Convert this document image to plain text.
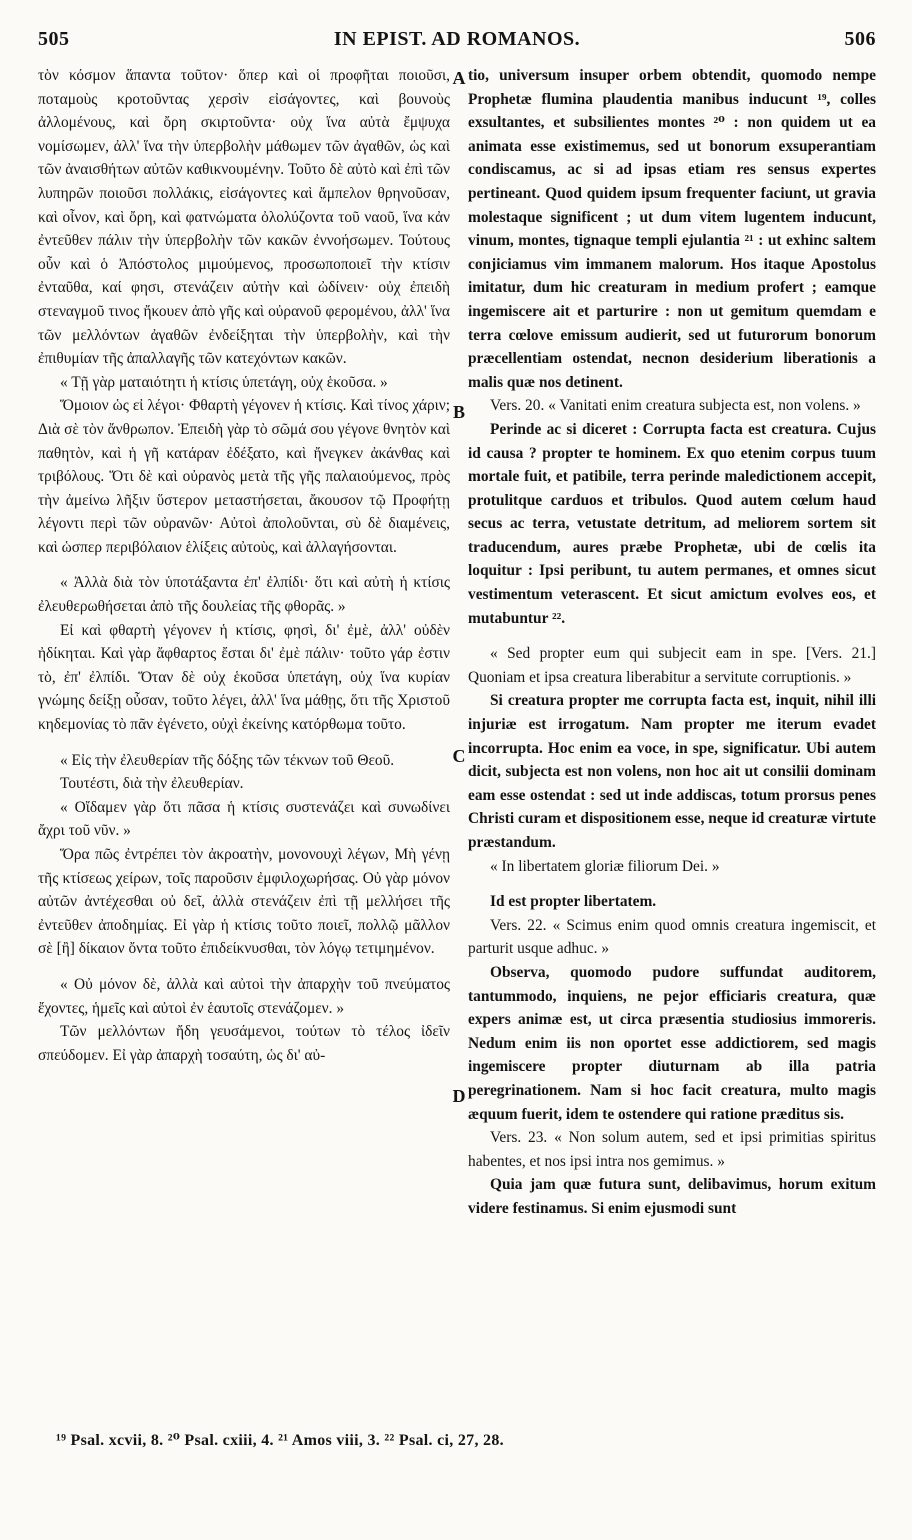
505	IN EPIST. AD ROMANOS.	506

τὸν κόσμον ἅπαντα τοῦτον· ὅπερ καὶ οἱ προφῆται ποιοῦσι, ποταμοὺς κροτοῦντας χερσὶν εἰσάγοντες, καὶ βουνοὺς ἀλλομένους, καὶ ὄρη σκιρτοῦντα· οὐχ ἵνα αὐτὰ ἔμψυχα νομίσωμεν, ἀλλ' ἵνα τὴν ὑπερβολὴν μάθωμεν τῶν ἀγαθῶν, ὡς καὶ τῶν ἀναισθήτων αὐτῶν καθικνουμένην. Τοῦτο δὲ αὐτὸ καὶ ἐπὶ τῶν λυπηρῶν ποιοῦσι πολλάκις, εἰσάγοντες καὶ ἄμπελον θρηνοῦσαν, καὶ οἶνον, καὶ ὄρη, καὶ φατνώματα ὀλολύζοντα τοῦ ναοῦ, ἵνα κἀν ἐντεῦθεν πάλιν τὴν ὑπερβολὴν τῶν κακῶν ἐννοήσωμεν. Τούτους οὖν καὶ ὁ Ἀπόστολος μιμούμενος, προσωποποιεῖ τὴν κτίσιν ἐνταῦθα, καί φησι, στενάζειν αὐτὴν καὶ ὠδίνειν· οὐχ ἐπειδὴ στεναγμοῦ τινος ἤκουεν ἀπὸ γῆς καὶ οὐρανοῦ φερομένου, ἀλλ' ἵνα τῶν μελλόντων ἀγαθῶν ἐνδείξηται τὴν ὑπερβολὴν, καὶ τὴν ἐπιθυμίαν τῆς ἀπαλλαγῆς τῶν κατεχόντων κακῶν.

« Τῇ γὰρ ματαιότητι ἡ κτίσις ὑπετάγη, οὐχ ἑκοῦσα. »

Ὅμοιον ὡς εἰ λέγοι· Φθαρτὴ γέγονεν ἡ κτίσις. Καὶ τίνος χάριν; Διὰ σὲ τὸν ἄνθρωπον. Ἐπειδὴ γὰρ τὸ σῶμά σου γέγονε θνητὸν καὶ παθητὸν, καὶ ἡ γῆ κατάραν ἐδέξατο, καὶ ἤνεγκεν ἀκάνθας καὶ τριβόλους. Ὅτι δὲ καὶ οὐρανὸς μετὰ τῆς γῆς παλαιούμενος, πρὸς τὴν ἀμείνω λῆξιν ὕστερον μεταστήσεται, ἄκουσον τῷ Προφήτῃ λέγοντι περὶ τῶν οὐρανῶν· Αὐτοὶ ἀπολοῦνται, σὺ δὲ διαμένεις, καὶ ὡσπερ περιβόλαιον ἑλίξεις αὐτοὺς, καὶ ἀλλαγήσονται.

« Ἀλλὰ διὰ τὸν ὑποτάξαντα ἐπ' ἐλπίδι· ὅτι καὶ αὐτὴ ἡ κτίσις ἐλευθερωθήσεται ἀπὸ τῆς δουλείας τῆς φθορᾶς. »

Εἰ καὶ φθαρτὴ γέγονεν ἡ κτίσις, φησὶ, δι' ἐμὲ, ἀλλ' οὐδὲν ἠδίκηται. Καὶ γὰρ ἄφθαρτος ἔσται δι' ἐμὲ πάλιν· τοῦτο γάρ ἐστιν τὸ, ἐπ' ἐλπίδι. Ὅταν δὲ οὐχ ἑκοῦσα ὑπετάγη, οὐχ ἵνα κυρίαν γνώμης δείξῃ οὖσαν, τοῦτο λέγει, ἀλλ' ἵνα μάθῃς, ὅτι τῆς Χριστοῦ κηδεμονίας τὸ πᾶν ἐγένετο, οὐχὶ ἐκείνης κατόρθωμα τοῦτο.

« Εἰς τὴν ἐλευθερίαν τῆς δόξης τῶν τέκνων τοῦ Θεοῦ.

Τουτέστι, διὰ τὴν ἐλευθερίαν.

« Οἴδαμεν γὰρ ὅτι πᾶσα ἡ κτίσις συστενάζει καὶ συνωδίνει ἄχρι τοῦ νῦν. »

Ὅρα πῶς ἐντρέπει τὸν ἀκροατὴν, μονονουχὶ λέγων, Μὴ γένῃ τῆς κτίσεως χείρων, τοῖς παροῦσιν ἐμφιλοχωρήσας. Οὐ γὰρ μόνον αὐτῶν ἀντέχεσθαι οὐ δεῖ, ἀλλὰ στενάζειν ἐπὶ τῇ μελλήσει τῆς ἐντεῦθεν ἀποδημίας. Εἰ γὰρ ἡ κτίσις τοῦτο ποιεῖ, πολλῷ μᾶλλον σὲ [ἢ] δίκαιον ὄντα τοῦτο ἐπιδείκνυσθαι, τὸν λόγῳ τετιμημένον.

« Οὐ μόνον δὲ, ἀλλὰ καὶ αὐτοὶ τὴν ἀπαρχὴν τοῦ πνεύματος ἔχοντες, ἡμεῖς καὶ αὐτοὶ ἐν ἑαυτοῖς στενάζομεν. »

Τῶν μελλόντων ἤδη γευσάμενοι, τούτων τὸ τέλος ἰδεῖν σπεύδομεν. Εἰ γὰρ ἀπαρχὴ τοσαύτη, ὡς δι' αὐ-

A
B
C
D

tio, universum insuper orbem obtendit, quomodo nempe Prophetæ flumina plaudentia manibus inducunt ¹⁹, colles exsultantes, et subsilientes montes ²⁰ : non quidem ut ea animata esse existimemus, sed ut bonorum exsuperantiam condiscamus, ac si ad ipsas etiam res sensus expertes pertineant. Quod quidem ipsum frequenter faciunt, ut gravia molestaque significent ; ut dum vitem lugentem inducunt, vinum, montes, tignaque templi ejulantia ²¹ : ut exhinc saltem conjiciamus vim immanem malorum. Hos itaque Apostolus imitatur, dum hic creaturam in medium profert ; eamque ingemiscere ait et parturire : non ut gemitum quemdam e terra cœlove emissum audierit, sed ut futurorum bonorum præcellentiam ostendat, necnon desiderium liberationis a malis quæ nos detinent.

Vers. 20. « Vanitati enim creatura subjecta est, non volens. »

Perinde ac si diceret : Corrupta facta est creatura. Cujus id causa ? propter te hominem. Ex quo etenim corpus tuum mortale fuit, et patibile, terra perinde maledictionem accepit, protulitque carduos et tribulos. Quod autem cœlum haud secus ac terra, vetustate detritum, ad meliorem sortem sit traducendum, aures præbe Prophetæ, ubi de cœlis ita loquitur : Ipsi peribunt, tu autem permanes, et omnes sicut vestimentum veterascent. Et sicut amictum evolves eos, et mutabuntur ²².

« Sed propter eum qui subjecit eam in spe. [Vers. 21.] Quoniam et ipsa creatura liberabitur a servitute corruptionis. »

Si creatura propter me corrupta facta est, inquit, nihil illi injuriæ est irrogatum. Nam propter me iterum evadet incorrupta. Hoc enim ea voce, in spe, significatur. Ubi autem dicit, subjecta est non volens, non hoc ait ut consilii dominam eam esse ostendat : sed ut inde addiscas, totum prorsus penes Christi curam et dispositionem esse, neque id creaturæ virtute præstandum.

« In libertatem gloriæ filiorum Dei. »

Id est propter libertatem.

Vers. 22. « Scimus enim quod omnis creatura ingemiscit, et parturit usque adhuc. »

Observa, quomodo pudore suffundat auditorem, tantummodo, inquiens, ne pejor efficiaris creatura, quæ expers animæ est, ut circa præsentia studiosius immoreris. Nedum enim iis non oportet esse addictiorem, sed magis ingemiscere propter diuturnam ab illa patria peregrinationem. Nam si hoc facit creatura, multo magis æquum fuerit, idem te ostendere qui ratione præditus sis.

Vers. 23. « Non solum autem, sed et ipsi primitias spiritus habentes, et nos ipsi intra nos gemimus. »

Quia jam quæ futura sunt, delibavimus, horum exitum videre festinamus. Si enim ejusmodi sunt

¹⁹ Psal. xcvii, 8. ²⁰ Psal. cxiii, 4. ²¹ Amos viii, 3. ²² Psal. ci, 27, 28.
